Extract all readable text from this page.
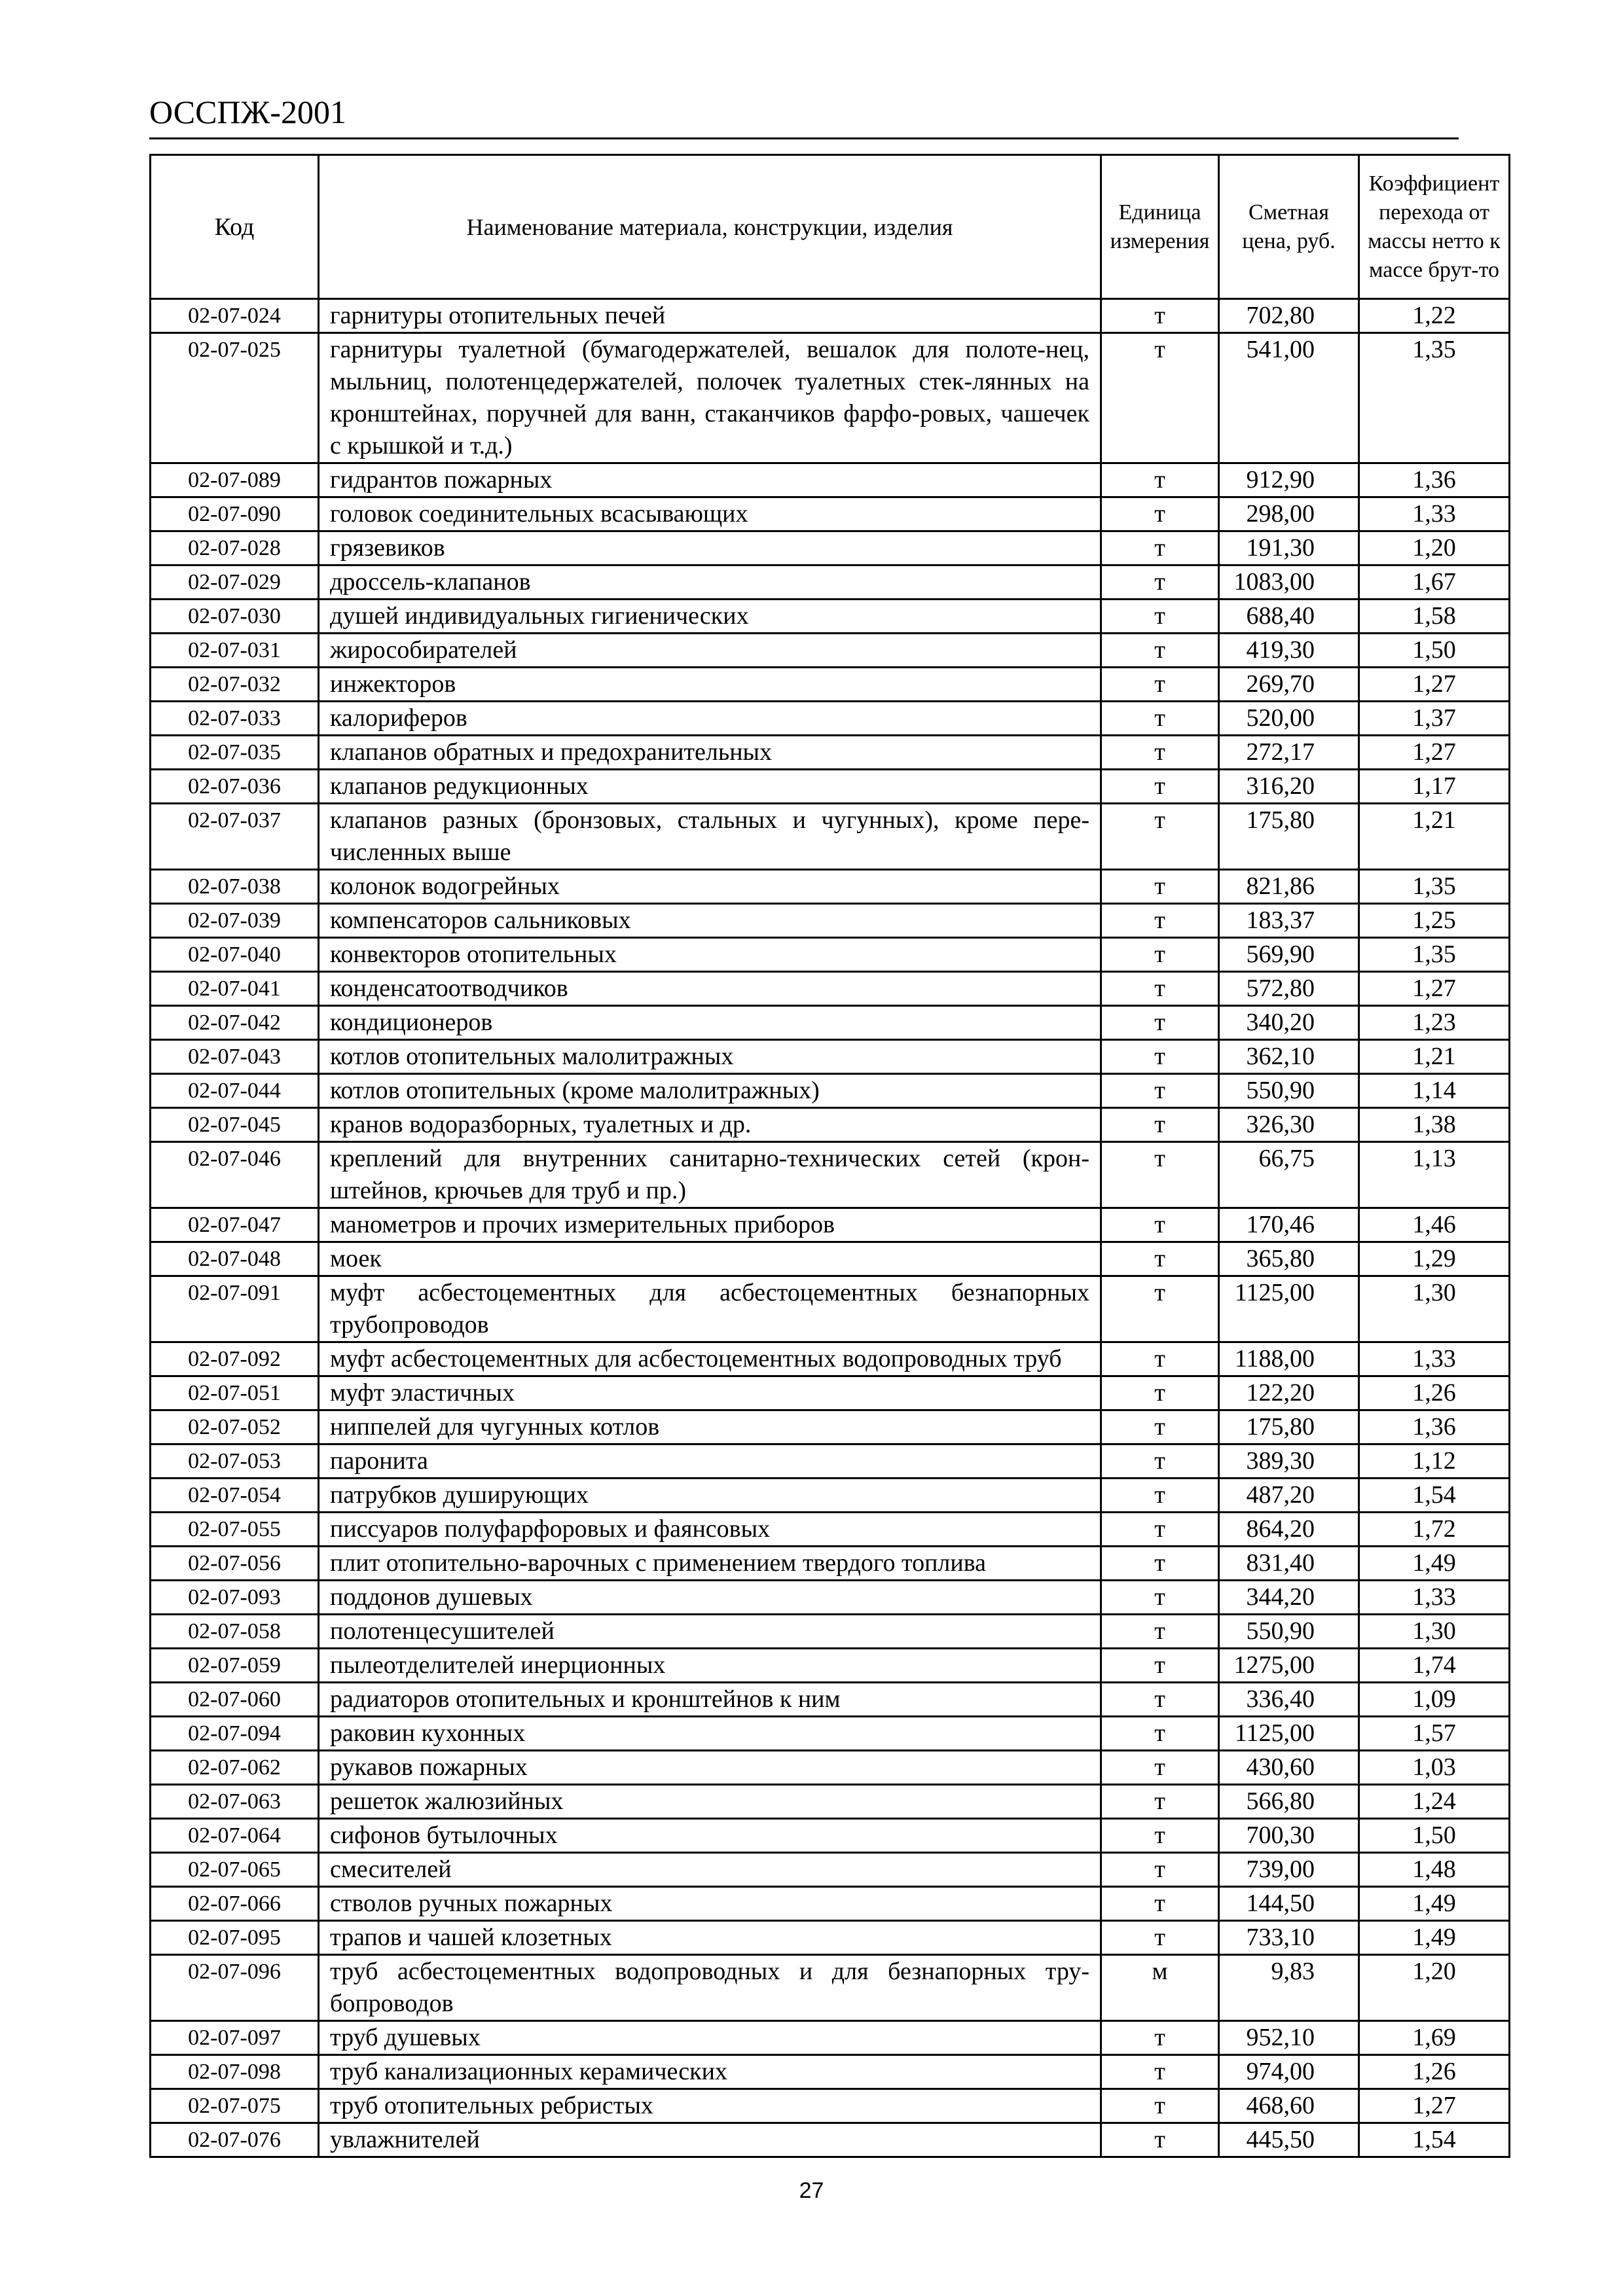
ОССПЖ-2001
Код	Наименование материала, конструкции, изделия	Единица измерения	Сметная цена, руб.	Коэффициент перехода от массы нетто к массе брут-то
02-07-024	гарнитуры отопительных печей	т	702,80	1,22
02-07-025	гарнитуры туалетной (бумагодержателей, вешалок для полоте-нец, мыльниц, полотенцедержателей, полочек туалетных стек-лянных на кронштейнах, поручней для ванн, стаканчиков фарфо-ровых, чашечек с крышкой и т.д.)	т	541,00	1,35
02-07-089	гидрантов пожарных	т	912,90	1,36
02-07-090	головок соединительных всасывающих	т	298,00	1,33
02-07-028	грязевиков	т	191,30	1,20
02-07-029	дроссель-клапанов	т	1083,00	1,67
02-07-030	душей индивидуальных гигиенических	т	688,40	1,58
02-07-031	жирособирателей	т	419,30	1,50
02-07-032	инжекторов	т	269,70	1,27
02-07-033	калориферов	т	520,00	1,37
02-07-035	клапанов обратных и предохранительных	т	272,17	1,27
02-07-036	клапанов редукционных	т	316,20	1,17
02-07-037	клапанов разных (бронзовых, стальных и чугунных), кроме пере-численных выше	т	175,80	1,21
02-07-038	колонок водогрейных	т	821,86	1,35
02-07-039	компенсаторов сальниковых	т	183,37	1,25
02-07-040	конвекторов отопительных	т	569,90	1,35
02-07-041	конденсатоотводчиков	т	572,80	1,27
02-07-042	кондиционеров	т	340,20	1,23
02-07-043	котлов отопительных малолитражных	т	362,10	1,21
02-07-044	котлов отопительных (кроме малолитражных)	т	550,90	1,14
02-07-045	кранов водоразборных, туалетных и др.	т	326,30	1,38
02-07-046	креплений для внутренних санитарно-технических сетей (крон-штейнов, крючьев для труб и пр.)	т	66,75	1,13
02-07-047	манометров и прочих измерительных приборов	т	170,46	1,46
02-07-048	моек	т	365,80	1,29
02-07-091	муфт асбестоцементных для асбестоцементных безнапорных трубопроводов	т	1125,00	1,30
02-07-092	муфт асбестоцементных для асбестоцементных водопроводных труб	т	1188,00	1,33
02-07-051	муфт эластичных	т	122,20	1,26
02-07-052	ниппелей для чугунных котлов	т	175,80	1,36
02-07-053	паронита	т	389,30	1,12
02-07-054	патрубков душирующих	т	487,20	1,54
02-07-055	писсуаров полуфарфоровых и фаянсовых	т	864,20	1,72
02-07-056	плит отопительно-варочных с применением твердого топлива	т	831,40	1,49
02-07-093	поддонов душевых	т	344,20	1,33
02-07-058	полотенцесушителей	т	550,90	1,30
02-07-059	пылеотделителей инерционных	т	1275,00	1,74
02-07-060	радиаторов отопительных и кронштейнов к ним	т	336,40	1,09
02-07-094	раковин кухонных	т	1125,00	1,57
02-07-062	рукавов пожарных	т	430,60	1,03
02-07-063	решеток жалюзийных	т	566,80	1,24
02-07-064	сифонов бутылочных	т	700,30	1,50
02-07-065	смесителей	т	739,00	1,48
02-07-066	стволов ручных пожарных	т	144,50	1,49
02-07-095	трапов и чашей клозетных	т	733,10	1,49
02-07-096	труб асбестоцементных водопроводных и для безнапорных тру-бопроводов	м	9,83	1,20
02-07-097	труб душевых	т	952,10	1,69
02-07-098	труб канализационных керамических	т	974,00	1,26
02-07-075	труб отопительных ребристых	т	468,60	1,27
02-07-076	увлажнителей	т	445,50	1,54
27
